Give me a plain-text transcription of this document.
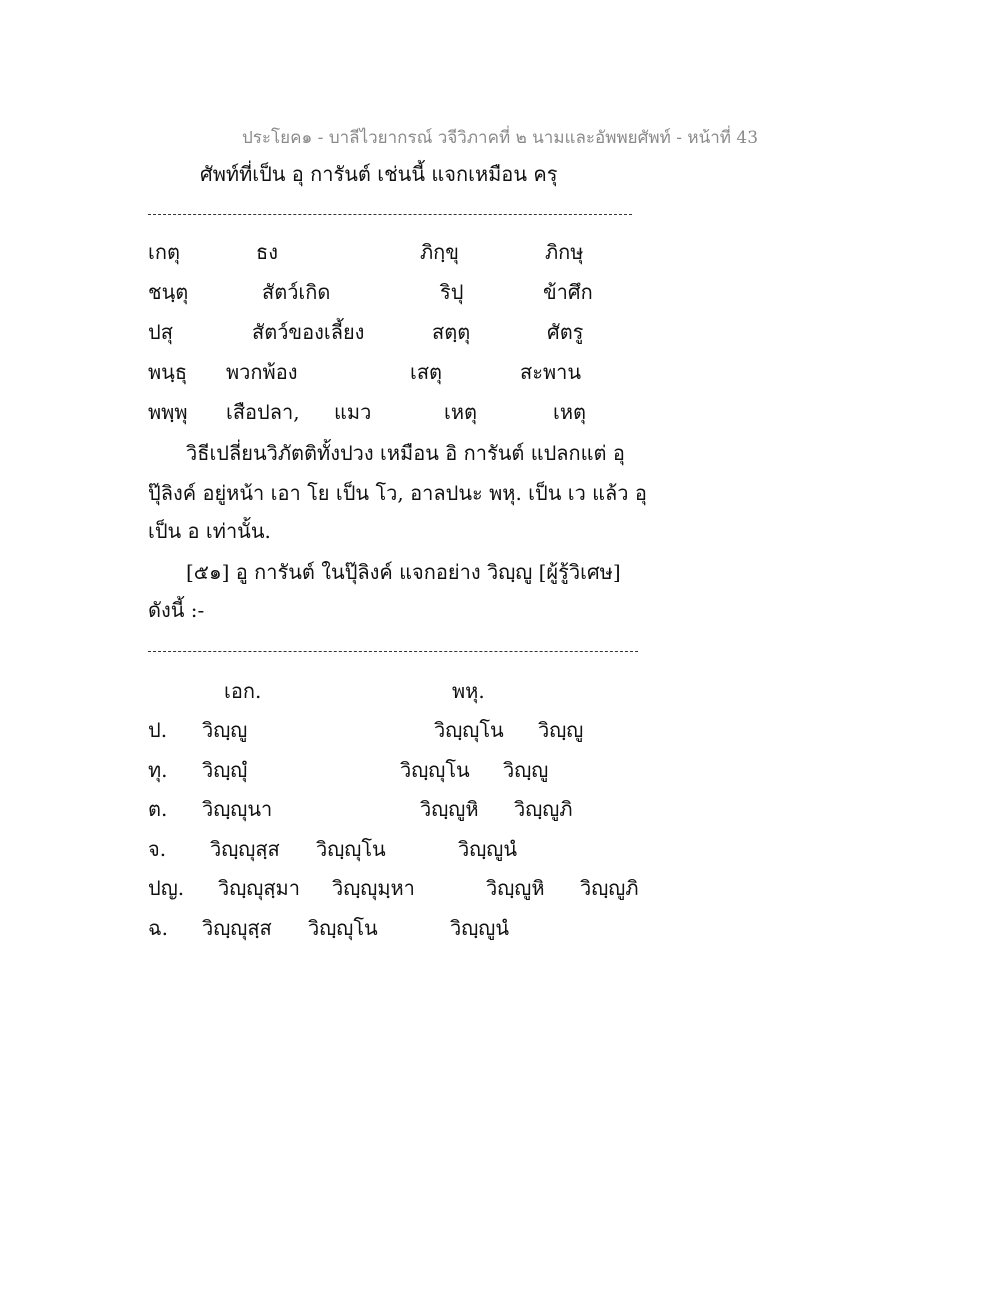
ประโยค๑ - บาลีไวยากรณ์ วจีวิภาคที่ ๒ นามและอัพพยศัพท์ - หน้าที่ 43
ศัพท์ที่เป็น อุ การันต์ เช่นนี้ แจกเหมือน ครุ
เกตุ	ธง	ภิกฺขุ	ภิกษุ
ชนฺตุ	สัตว์เกิด	ริปุ	ข้าศึก
ปสุ	สัตว์ของเลี้ยง	สตฺตุ	ศัตรู
พนฺธุ พวกพ้อง	เสตุ	สะพาน
พพฺพุ เสือปลา, แมว	เหตุ	เหตุ
วิธีเปลี่ยนวิภัตติทั้งปวง เหมือน อิ การันต์ แปลกแต่ อุ
ปุ๊ลิงค์ อยู่หน้า เอา โย เป็น โว, อาลปนะ พหุ. เป็น เว แล้ว อุ
เป็น อ เท่านั้น.
[๕๑] อู การันต์ ในปุ๊ลิงค์ แจกอย่าง วิญฺญู [ผู้รู้วิเศษ]
ดังนี้ :-
เอก.	พหุ.
ป. วิญฺญู	วิญฺญุโน วิญฺญู
ทุ. วิญฺญุํ	วิญฺญุโน วิญฺญู
ต. วิญฺญุนา	วิญฺญูหิ วิญฺญูภิ
จ. วิญฺญุสฺส วิญฺญุโน	วิญฺญูนํ
ปญ. วิญฺญุสฺมา วิญฺญุมฺหา	วิญฺญูหิ วิญฺญูภิ
ฉ. วิญฺญุสฺส วิญฺญุโน	วิญฺญูนํ
